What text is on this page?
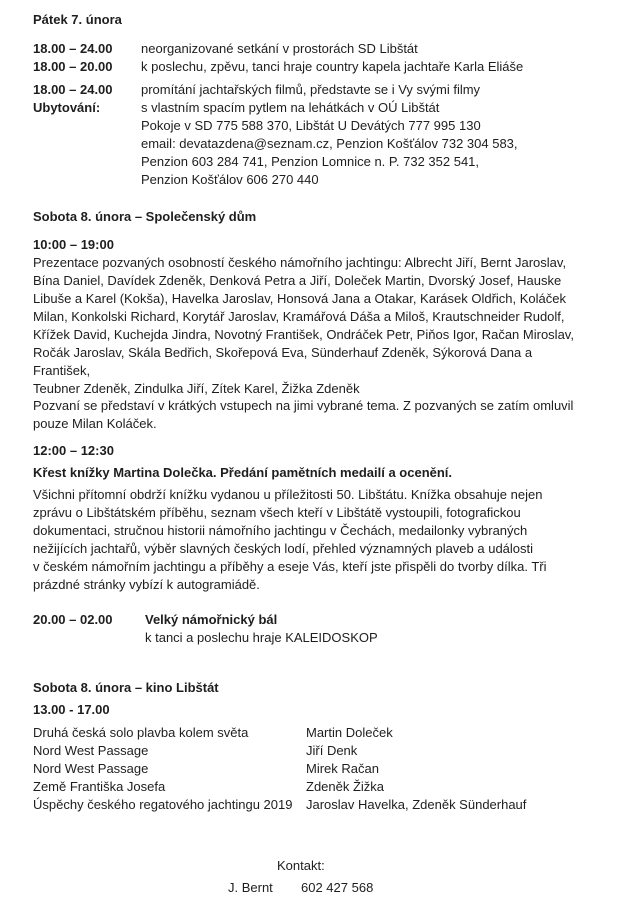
Pátek 7. února
18.00 – 24.00	neorganizované setkání v prostorách SD Libštát
18.00 – 20.00	k poslechu, zpěvu, tanci hraje country kapela jachtaře Karla Eliáše
18.00 – 24.00	promítání jachtařských filmů, představte se i Vy svými filmy
Ubytování:	s vlastním spacím pytlem na lehátkách v OÚ Libštát
Pokoje v SD 775 588 370, Libštát U Devátých 777 995 130
email: devatazdena@seznam.cz, Penzion Košťálov 732 304 583,
Penzion 603 284 741, Penzion Lomnice n. P. 732 352 541,
Penzion Košťálov 606 270 440
Sobota 8. února – Společenský dům
10:00 – 19:00
Prezentace pozvaných osobností českého námořního jachtingu: Albrecht Jiří, Bernt Jaroslav,
Bína Daniel, Davídek Zdeněk, Denková Petra a Jiří, Doleček Martin, Dvorský Josef, Hauske
Libuše a Karel (Kokša), Havelka Jaroslav, Honsová Jana a Otakar, Karásek Oldřich, Koláček
Milan, Konkolski Richard, Korytář Jaroslav, Kramářová Dáša a Miloš, Krautschneider Rudolf,
Křížek David, Kuchejda Jindra, Novotný František, Ondráček Petr, Piňos Igor, Račan Miroslav,
Ročák Jaroslav, Skála Bedřich, Skořepová Eva, Sünderhauf Zdeněk, Sýkorová Dana a František,
Teubner Zdeněk, Zindulka Jiří, Zítek Karel, Žižka Zdeněk
Pozvaní se představí v krátkých vstupech na jimi vybrané tema. Z pozvaných se zatím omluvil
pouze Milan Koláček.
12:00 – 12:30
Křest knížky Martina Dolečka. Předání pamětních medailí a ocenění.
Všichni přítomní obdrží knížku vydanou u příležitosti 50. Libštátu. Knížka obsahuje nejen
zprávu o Libštátském příběhu, seznam všech kteří v Libštátě vystoupili, fotografickou
dokumentaci, stručnou historii námořního jachtingu v Čechách, medailonky vybraných
nežijících jachtařů, výběr slavných českých lodí, přehled významných plaveb a události
v českém námořním jachtingu a příběhy a eseje Vás, kteří jste přispěli do tvorby dílka. Tři
prázdné stránky vybízí k autogramiádě.
20.00 – 02.00	Velký námořnický bál
k tanci a poslechu hraje KALEIDOSKOP
Sobota 8. února – kino Libštát
13.00 - 17.00
Druhá česká solo plavba kolem světa	Martin Doleček
Nord West Passage	Jiří Denk
Nord West Passage	Mirek Račan
Země Františka Josefa	Zdeněk Žižka
Úspěchy českého regatového jachtingu 2019	Jaroslav Havelka, Zdeněk Sünderhauf
Kontakt:
J. Bernt 602 427 568
